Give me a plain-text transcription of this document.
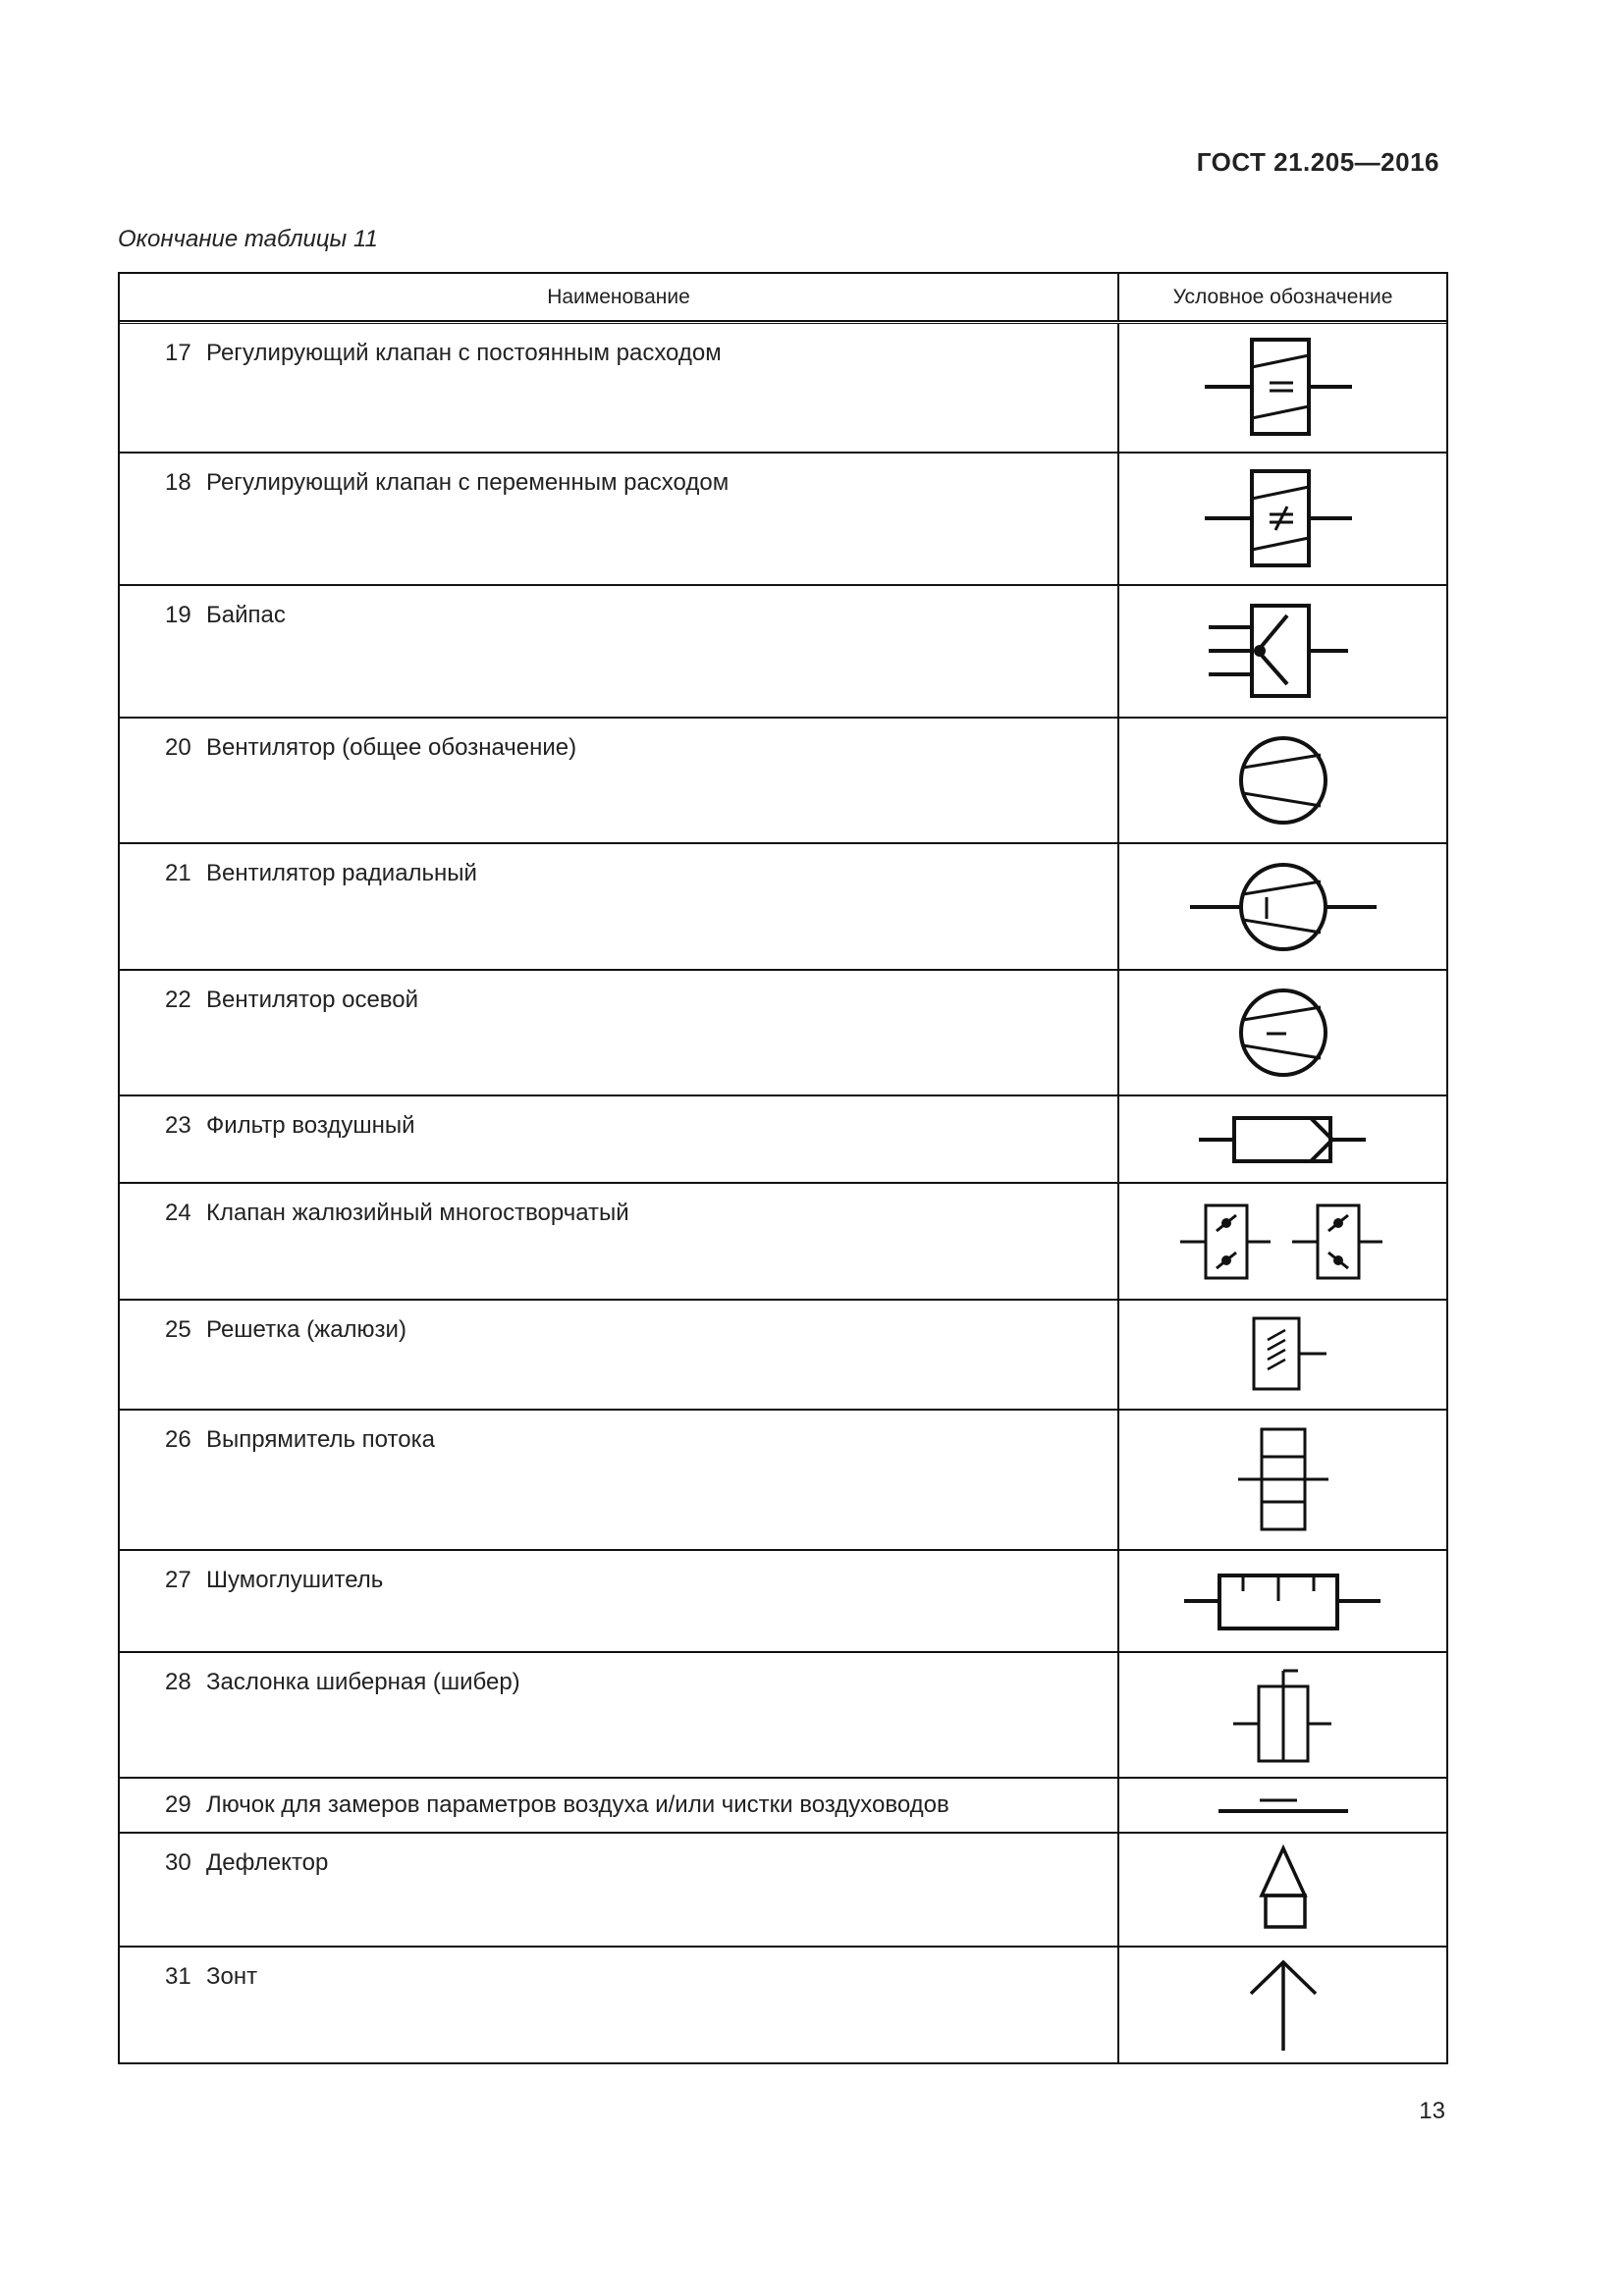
ГОСТ 21.205—2016
Окончание таблицы 11
Наименование	Условное обозначение
17 Регулирующий клапан с постоянным расходом
18 Регулирующий клапан с переменным расходом
19 Байпас
20 Вентилятор (общее обозначение)
21 Вентилятор радиальный
22 Вентилятор осевой
23 Фильтр воздушный
24 Клапан жалюзийный многостворчатый
25 Решетка (жалюзи)
26 Выпрямитель потока
27 Шумоглушитель
28 Заслонка шиберная (шибер)
29 Лючок для замеров параметров воздуха и/или чистки воздуховодов
30 Дефлектор
31 Зонт
13
